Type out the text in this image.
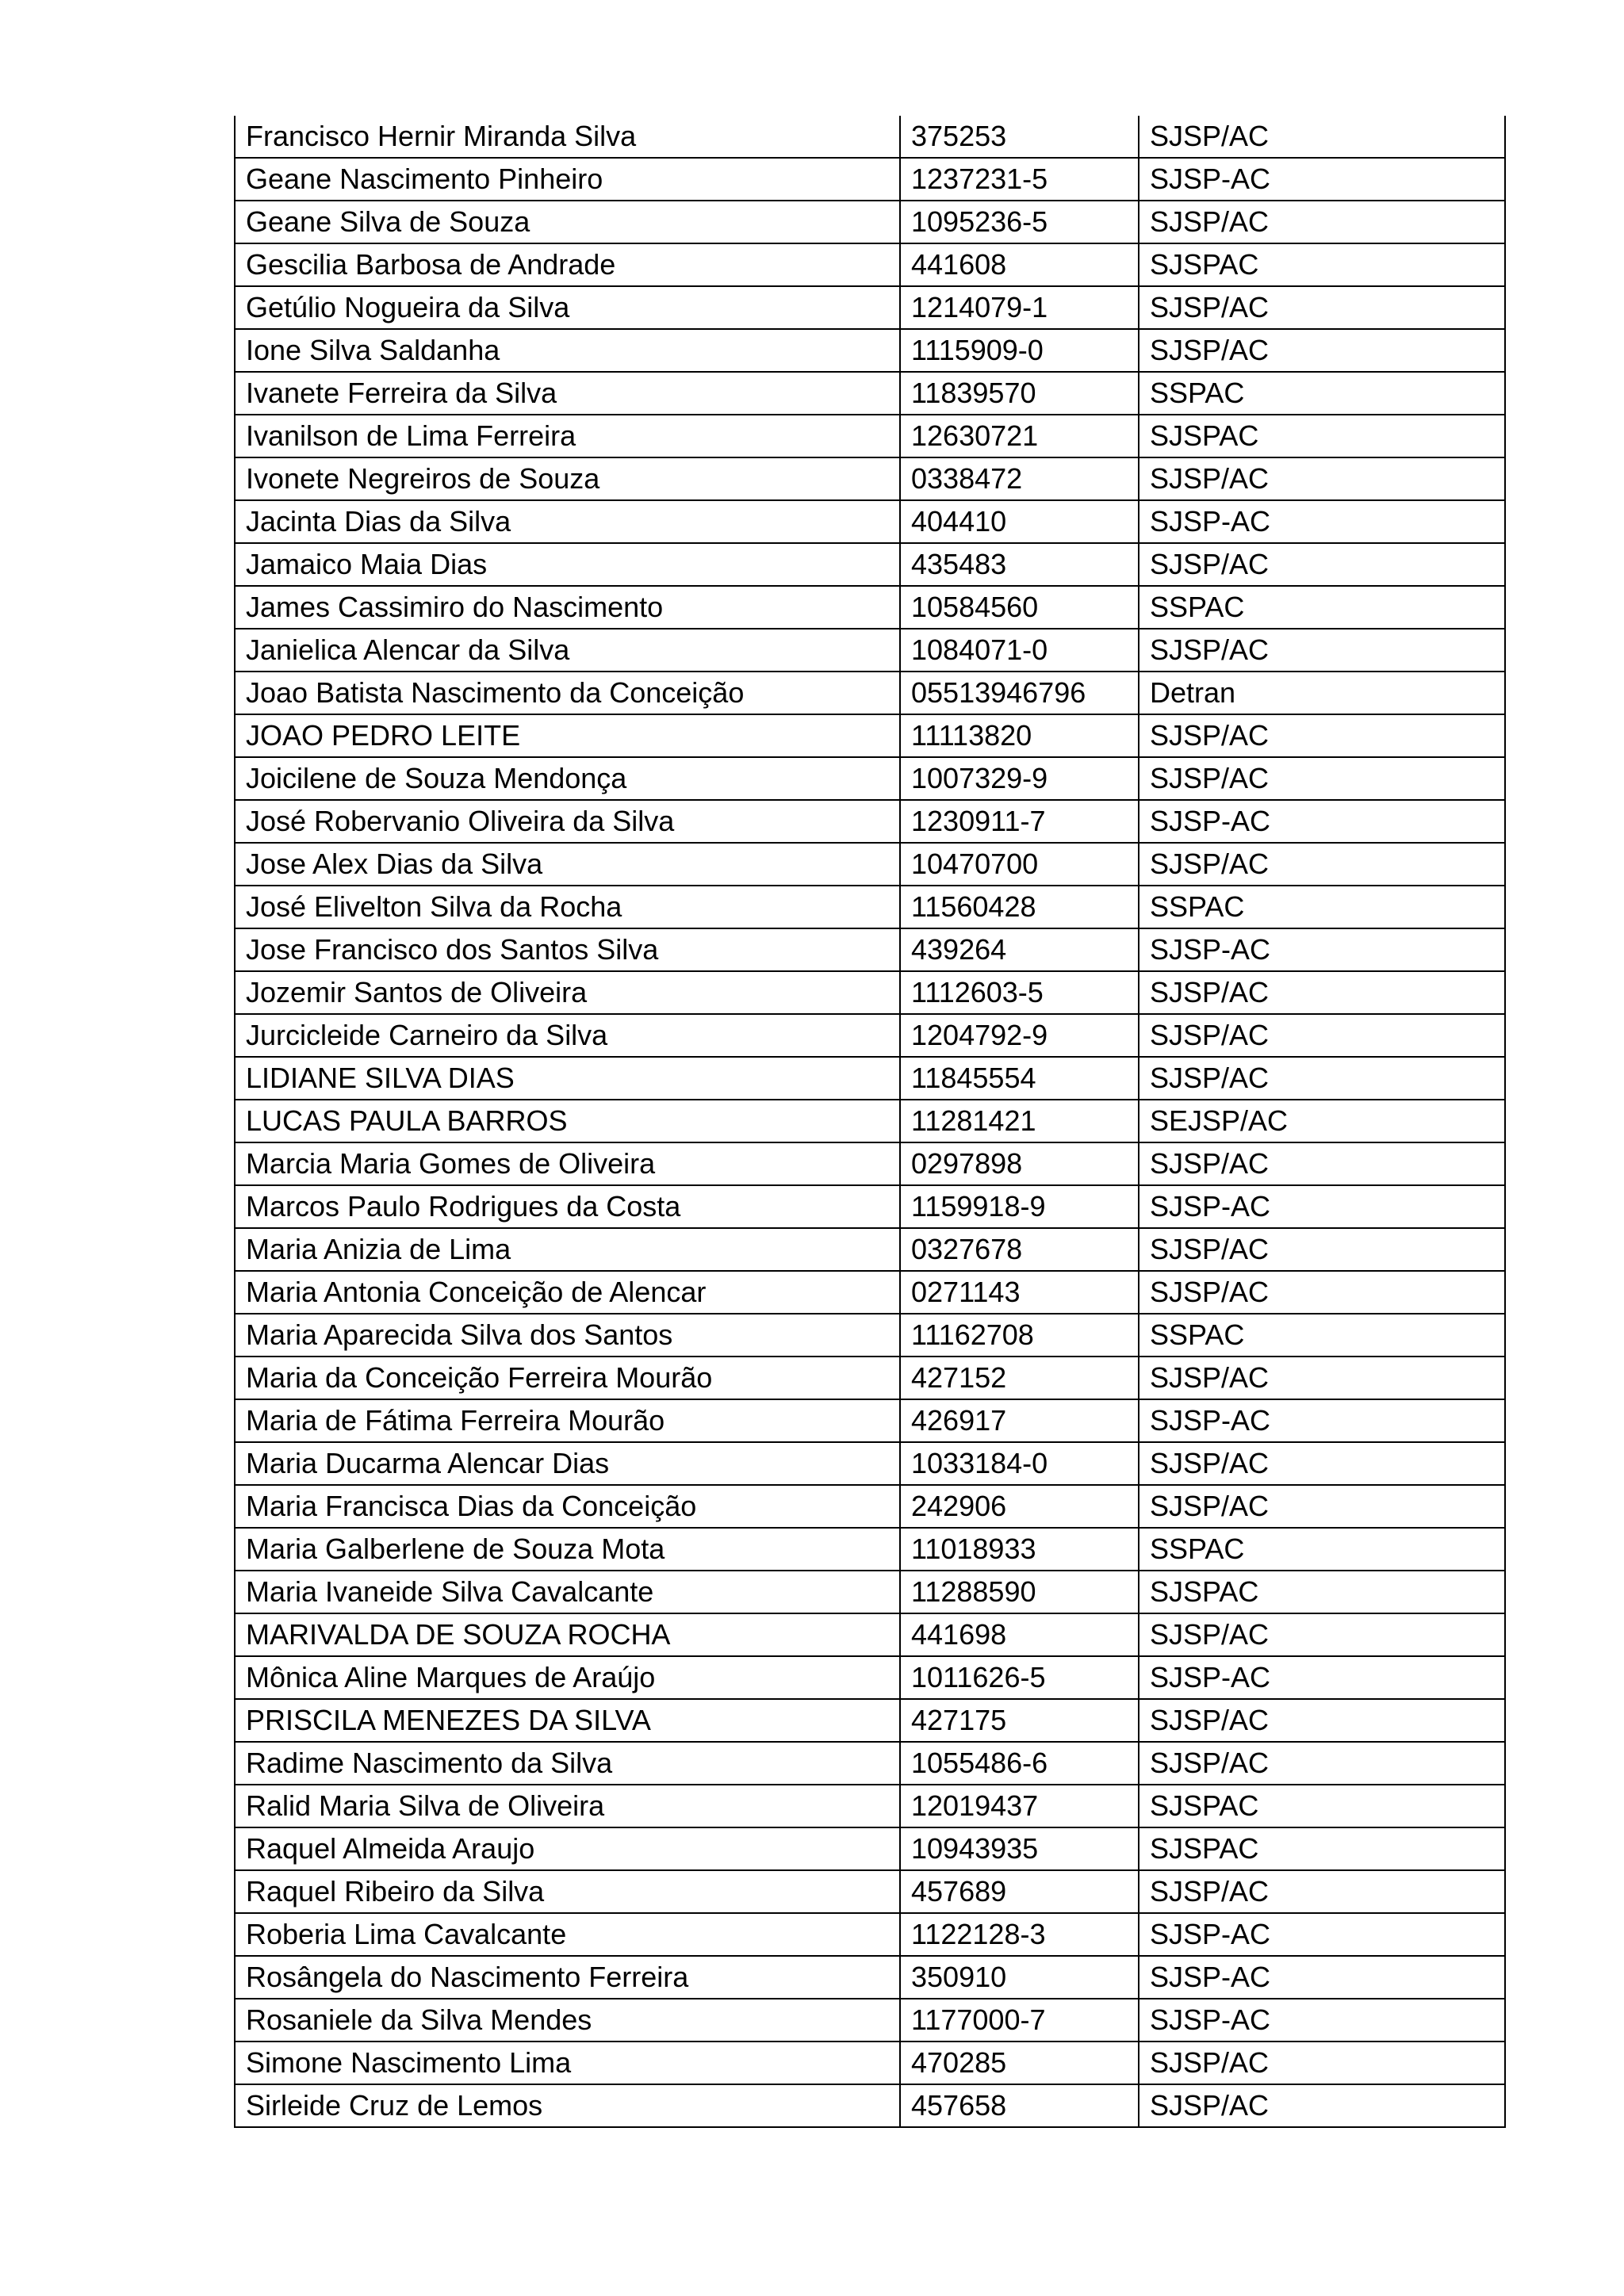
Francisco Hernir Miranda Silva	375253	SJSP/AC
Geane Nascimento Pinheiro	1237231-5	SJSP-AC
Geane Silva de Souza	1095236-5	SJSP/AC
Gescilia Barbosa de Andrade	441608	SJSPAC
Getúlio Nogueira da Silva	1214079-1	SJSP/AC
Ione Silva Saldanha	1115909-0	SJSP/AC
Ivanete Ferreira da Silva	11839570	SSPAC
Ivanilson de Lima Ferreira	12630721	SJSPAC
Ivonete Negreiros de Souza	0338472	SJSP/AC
Jacinta Dias da Silva	404410	SJSP-AC
Jamaico Maia Dias	435483	SJSP/AC
James Cassimiro do Nascimento	10584560	SSPAC
Janielica Alencar da Silva	1084071-0	SJSP/AC
Joao Batista Nascimento da Conceição	05513946796	Detran
JOAO PEDRO LEITE	11113820	SJSP/AC
Joicilene de Souza Mendonça	1007329-9	SJSP/AC
José Robervanio Oliveira da Silva	1230911-7	SJSP-AC
Jose Alex Dias da Silva	10470700	SJSP/AC
José Elivelton Silva da Rocha	11560428	SSPAC
Jose Francisco dos Santos Silva	439264	SJSP-AC
Jozemir Santos de Oliveira	1112603-5	SJSP/AC
Jurcicleide Carneiro da Silva	1204792-9	SJSP/AC
LIDIANE SILVA DIAS	11845554	SJSP/AC
LUCAS PAULA BARROS	11281421	SEJSP/AC
Marcia Maria Gomes de Oliveira	0297898	SJSP/AC
Marcos Paulo Rodrigues da Costa	1159918-9	SJSP-AC
Maria Anizia de Lima	0327678	SJSP/AC
Maria Antonia Conceição de Alencar	0271143	SJSP/AC
Maria Aparecida Silva dos Santos	11162708	SSPAC
Maria da Conceição Ferreira Mourão	427152	SJSP/AC
Maria de Fátima Ferreira Mourão	426917	SJSP-AC
Maria Ducarma Alencar Dias	1033184-0	SJSP/AC
Maria Francisca Dias da Conceição	242906	SJSP/AC
Maria Galberlene de Souza Mota	11018933	SSPAC
Maria Ivaneide Silva Cavalcante	11288590	SJSPAC
MARIVALDA DE SOUZA ROCHA	441698	SJSP/AC
Mônica Aline Marques de Araújo	1011626-5	SJSP-AC
PRISCILA MENEZES DA SILVA	427175	SJSP/AC
Radime Nascimento da Silva	1055486-6	SJSP/AC
Ralid Maria Silva de Oliveira	12019437	SJSPAC
Raquel Almeida Araujo	10943935	SJSPAC
Raquel Ribeiro da Silva	457689	SJSP/AC
Roberia Lima Cavalcante	1122128-3	SJSP-AC
Rosângela do Nascimento Ferreira	350910	SJSP-AC
Rosaniele da Silva Mendes	1177000-7	SJSP-AC
Simone Nascimento Lima	470285	SJSP/AC
Sirleide Cruz de Lemos	457658	SJSP/AC
